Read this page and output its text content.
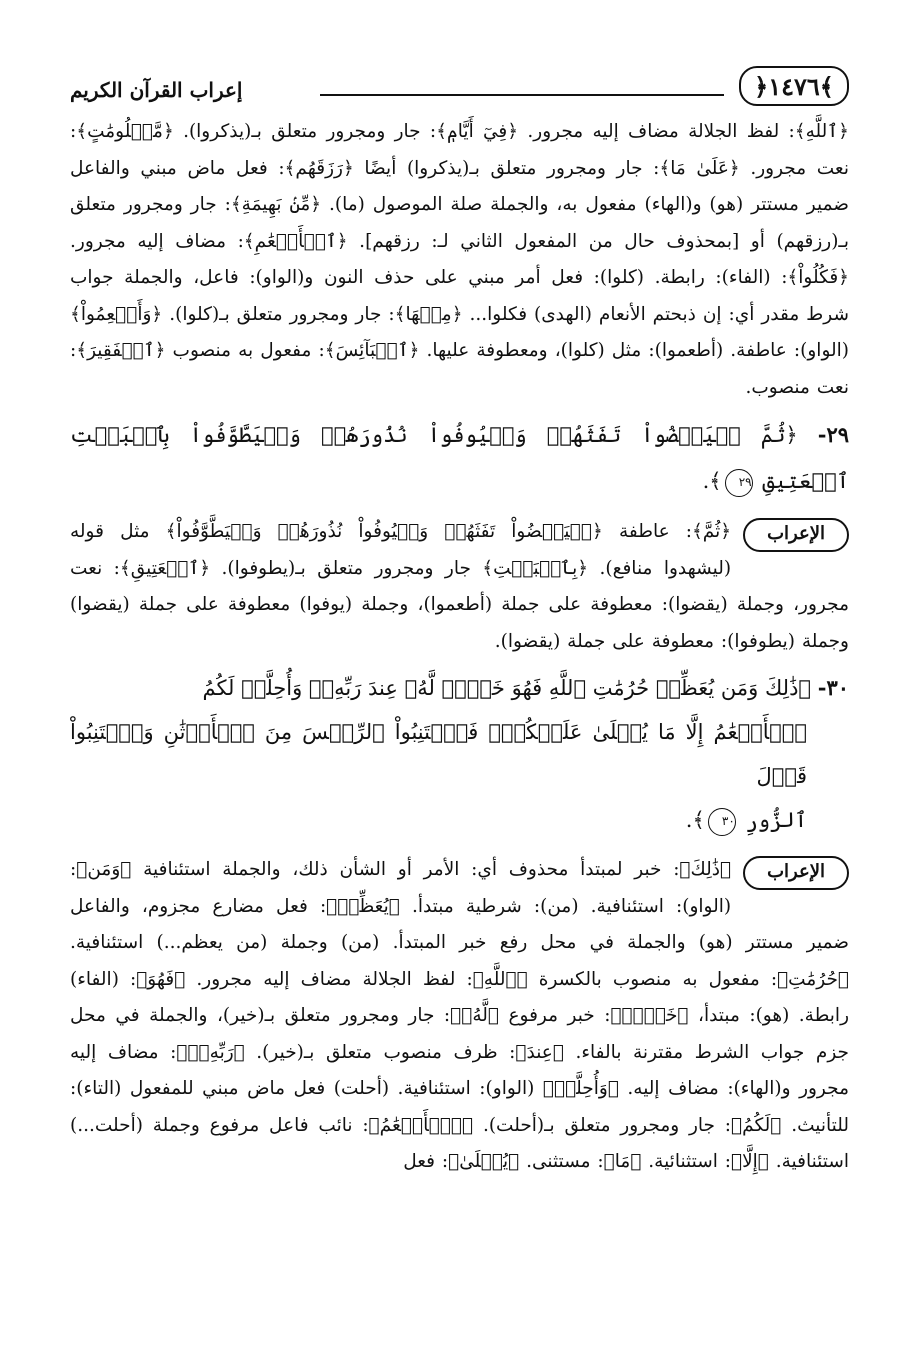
إعراب القرآن الكريم	﴿١٤٧٦﴾

﴿ٱللَّهِ﴾: لفظ الجلالة مضاف إليه مجرور. ﴿فِيٓ أَيَّامٖ﴾: جار ومجرور متعلق بـ(يذكروا). ﴿مَّعۡلُومَٰتٍ﴾: نعت مجرور. ﴿عَلَىٰ مَا﴾: جار ومجرور متعلق بـ(يذكروا) أيضًا ﴿رَزَقَهُم﴾: فعل ماض مبني والفاعل ضمير مستتر (هو) و(الهاء) مفعول به، والجملة صلة الموصول (ما). ﴿مِّنۢ بَهِيمَةِ﴾: جار ومجرور متعلق بـ(رزقهم) أو [بمحذوف حال من المفعول الثاني لـ: رزقهم]. ﴿ٱلۡأَنۡعَٰمِ﴾: مضاف إليه مجرور. ﴿فَكُلُواْ﴾: (الفاء): رابطة. (كلوا): فعل أمر مبني على حذف النون و(الواو): فاعل، والجملة جواب شرط مقدر أي: إن ذبحتم الأنعام (الهدى) فكلوا... ﴿مِنۡهَا﴾: جار ومجرور متعلق بـ(كلوا). ﴿وَأَطۡعِمُواْ﴾ (الواو): عاطفة. (أطعموا): مثل (كلوا)، ومعطوفة عليها. ﴿ٱلۡبَآئِسَ﴾: مفعول به منصوب ﴿ٱلۡفَقِيرَ﴾: نعت منصوب.

٢٩- ﴿ثُمَّ لۡيَقۡضُواْ تَفَثَهُمۡ وَلۡيُوفُواْ نُذُورَهُمۡ وَلۡيَطَّوَّفُواْ بِٱلۡبَيۡتِ ٱلۡعَتِيقِ ٢٩﴾.
الإعراب

﴿ثُمَّ﴾: عاطفة ﴿لۡيَقۡضُواْ تَفَثَهُمۡ وَلۡيُوفُواْ نُذُورَهُمۡ وَلۡيَطَّوَّفُواْ﴾ مثل قوله (ليشهدوا منافع). ﴿بِٱلۡبَيۡتِ﴾ جار ومجرور متعلق بـ(يطوفوا). ﴿ٱلۡعَتِيقِ﴾: نعت مجرور، وجملة (يقضوا): معطوفة على جملة (أطعموا)، وجملة (يوفوا) معطوفة على جملة (يقضوا) وجملة (يطوفوا): معطوفة على جملة (يقضوا).

٣٠- ﴿ذَٰلِكَ وَمَن يُعَظِّمۡ حُرُمَٰتِ ٱللَّهِ فَهُوَ خَيۡرٞ لَّهُۥ عِندَ رَبِّهِۦۗ وَأُحِلَّتۡ لَكُمُ
ٱلۡأَنۡعَٰمُ إِلَّا مَا يُتۡلَىٰ عَلَيۡكُمۡۖ فَٱجۡتَنِبُواْ ٱلرِّجۡسَ مِنَ ٱلۡأَوۡثَٰنِ وَٱجۡتَنِبُواْ قَوۡلَ
ٱلزُّورِ ٣٠﴾.
الإعراب

﴿ذَٰلِكَ﴾: خبر لمبتدأ محذوف أي: الأمر أو الشأن ذلك، والجملة استئنافية ﴿وَمَن﴾: (الواو): استئنافية. (من): شرطية مبتدأ. ﴿يُعَظِّمۡ﴾: فعل مضارع مجزوم، والفاعل ضمير مستتر (هو) والجملة في محل رفع خبر المبتدأ. (من) وجملة (من يعظم...) استئنافية. ﴿حُرُمَٰتِ﴾: مفعول به منصوب بالكسرة ﴿ٱللَّهِ﴾: لفظ الجلالة مضاف إليه مجرور. ﴿فَهُوَ﴾: (الفاء) رابطة. (هو): مبتدأ، ﴿خَيۡرٞ﴾: خبر مرفوع ﴿لَّهُۥ﴾: جار ومجرور متعلق بـ(خير)، والجملة في محل جزم جواب الشرط مقترنة بالفاء. ﴿عِندَ﴾: ظرف منصوب متعلق بـ(خير). ﴿رَبِّهِۦۗ﴾: مضاف إليه مجرور و(الهاء): مضاف إليه. ﴿وَأُحِلَّتۡ﴾ (الواو): استئنافية. (أحلت) فعل ماض مبني للمفعول (التاء): للتأنيث. ﴿لَكُمُ﴾: جار ومجرور متعلق بـ(أحلت). ﴿ٱلۡأَنۡعَٰمُ﴾: نائب فاعل مرفوع وجملة (أحلت...) استئنافية. ﴿إِلَّا﴾: استثنائية. ﴿مَا﴾: مستثنى. ﴿يُتۡلَىٰ﴾: فعل
